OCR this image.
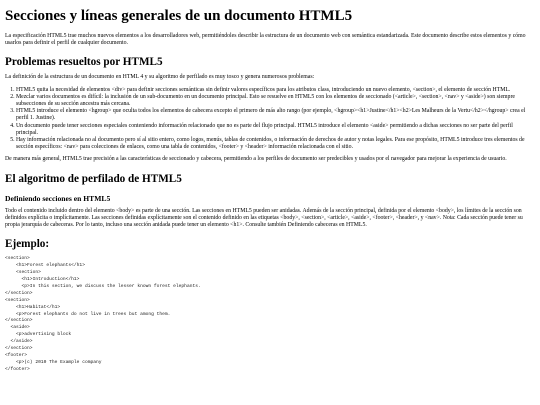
Secciones y líneas generales de un documento HTML5

La especificación HTML5 trae muchos nuevos elementos a los desarrolladores web, permitiéndoles describir la estructura de un documento web con semántica estandarizada. Este documento describe estos elementos y cómo usarlos para definir el perfil de cualquier documento.

Problemas resueltos por HTML5

La definición de la estructura de un documento en HTML 4 y su algoritmo de perfilado es muy tosco y genera numerosos problemas:

1. HTML5 quita la necesidad de elementos <div> para definir secciones semánticas sin definir valores específicos para los atributos class, introduciendo un nuevo elemento, <section>, el elemento de sección HTML.
2. Mezclar varios documentos es difícil: la inclusión de un sub-documento en un documento principal. Esto se resuelve en HTML5 con los elementos de seccionado (<article>, <section>, <nav> y <aside>) son siempre subsecciones de su sección ancestra más cercana.
3. HTML5 introduce el elemento <hgroup> que oculta todos los elementos de cabecera excepto el primero de más alto rango (por ejemplo, <hgroup><h1>Justine</h1><h2>Les Malheurs de la Vertu</h2></hgroup> crea el perfil 1. Justine).
4. Un documento puede tener secciones especiales conteniendo información relacionado que no es parte del flujo principal. HTML5 introduce el elemento <aside> permitiendo a dichas secciones no ser parte del perfil principal.
5. Hay información relacionada no al documento pero sí al sitio entero, como logos, menús, tablas de contenidos, o información de derechos de autor y notas legales. Para ese propósito, HTML5 introduce tres elementos de sección específicos: <nav> para colecciones de enlaces, como una tabla de contenidos, <footer> y <header> información relacionada con el sitio.

De manera más general, HTML5 trae precisión a las características de seccionado y cabecera, permitiendo a los perfiles de documento ser predecibles y usados por el navegador para mejorar la experiencia de usuario.

El algoritmo de perfilado de HTML5
Definiendo secciones en HTML5

Todo el contenido incluido dentro del elemento <body> es parte de una sección. Las secciones en HTML5 pueden ser anidadas. Además de la sección principal, definida por el elemento <body>, los límites de la sección son definidos explícita o implícitamente. Las secciones definidas explícitamente son el contenido definido en las etiquetas <body>, <section>, <article>, <aside>, <footer>, <header>, y <nav>. Nota: Cada sección puede tener su propia jerarquía de cabeceras. Por lo tanto, incluso una sección anidada puede tener un elemento <h1>. Consulte también Definiendo cabeceras en HTML5.

Ejemplo:
<section>
<h1>Forest elephants</h1>
<section>
<h1>Introduction</h1>
<p>In this section, we discuss the lesser known forest elephants.
</section>
<section>
<h1>Habitat</h1>
<p>Forest elephants do not live in trees but among them.
</section>
<aside>
<p>advertising block
</aside>
</section>
<footer>
<p>(c) 2010 The Example company
</footer>
